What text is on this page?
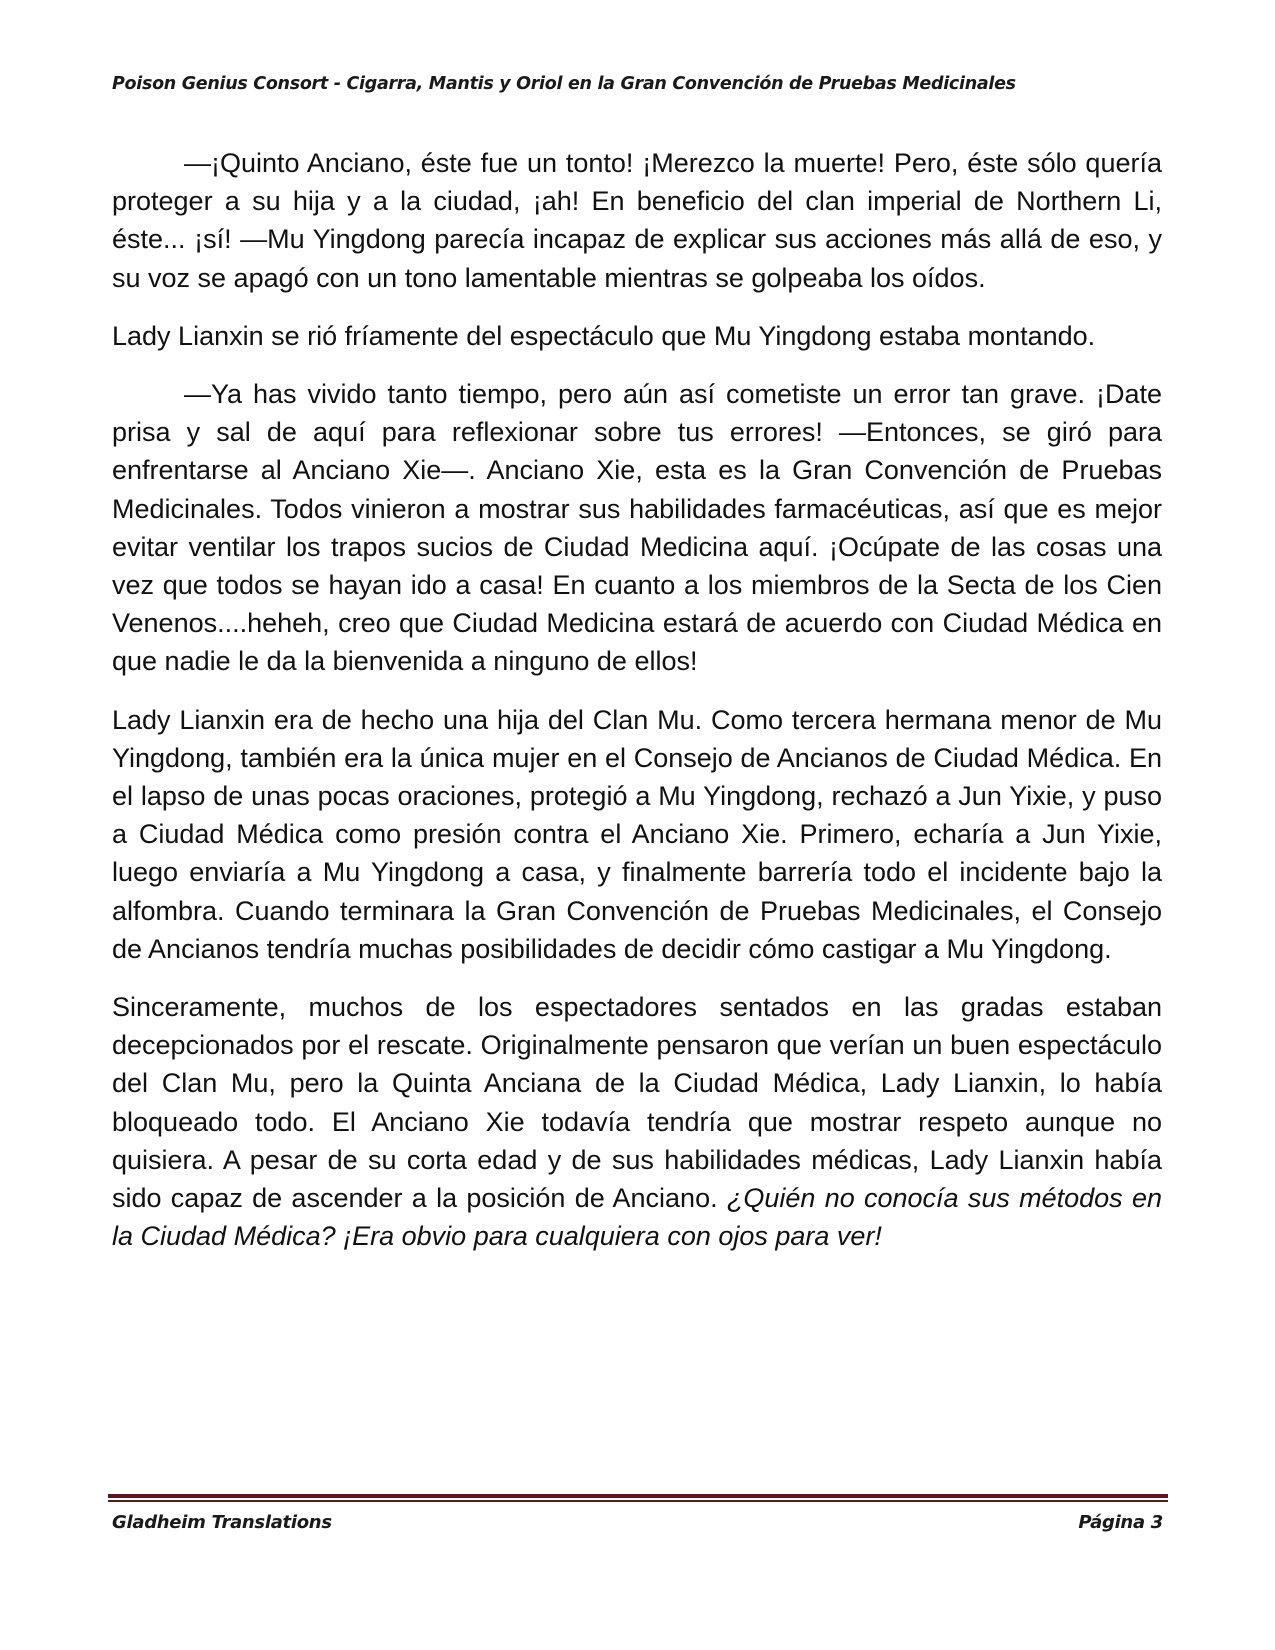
Poison Genius Consort - Cigarra, Mantis y Oriol en la Gran Convención de Pruebas Medicinales

—¡Quinto Anciano, éste fue un tonto! ¡Merezco la muerte! Pero, éste sólo quería proteger a su hija y a la ciudad, ¡ah! En beneficio del clan imperial de Northern Li, éste... ¡sí! —Mu Yingdong parecía incapaz de explicar sus acciones más allá de eso, y su voz se apagó con un tono lamentable mientras se golpeaba los oídos.

Lady Lianxin se rió fríamente del espectáculo que Mu Yingdong estaba montando.

—Ya has vivido tanto tiempo, pero aún así cometiste un error tan grave. ¡Date prisa y sal de aquí para reflexionar sobre tus errores! —Entonces, se giró para enfrentarse al Anciano Xie—. Anciano Xie, esta es la Gran Convención de Pruebas Medicinales. Todos vinieron a mostrar sus habilidades farmacéuticas, así que es mejor evitar ventilar los trapos sucios de Ciudad Medicina aquí. ¡Ocúpate de las cosas una vez que todos se hayan ido a casa! En cuanto a los miembros de la Secta de los Cien Venenos....heheh, creo que Ciudad Medicina estará de acuerdo con Ciudad Médica en que nadie le da la bienvenida a ninguno de ellos!

Lady Lianxin era de hecho una hija del Clan Mu. Como tercera hermana menor de Mu Yingdong, también era la única mujer en el Consejo de Ancianos de Ciudad Médica. En el lapso de unas pocas oraciones, protegió a Mu Yingdong, rechazó a Jun Yixie, y puso a Ciudad Médica como presión contra el Anciano Xie. Primero, echaría a Jun Yixie, luego enviaría a Mu Yingdong a casa, y finalmente barrería todo el incidente bajo la alfombra. Cuando terminara la Gran Convención de Pruebas Medicinales, el Consejo de Ancianos tendría muchas posibilidades de decidir cómo castigar a Mu Yingdong.

Sinceramente, muchos de los espectadores sentados en las gradas estaban decepcionados por el rescate. Originalmente pensaron que verían un buen espectáculo del Clan Mu, pero la Quinta Anciana de la Ciudad Médica, Lady Lianxin, lo había bloqueado todo. El Anciano Xie todavía tendría que mostrar respeto aunque no quisiera. A pesar de su corta edad y de sus habilidades médicas, Lady Lianxin había sido capaz de ascender a la posición de Anciano. ¿Quién no conocía sus métodos en la Ciudad Médica? ¡Era obvio para cualquiera con ojos para ver!

Gladheim Translations	Página 3
